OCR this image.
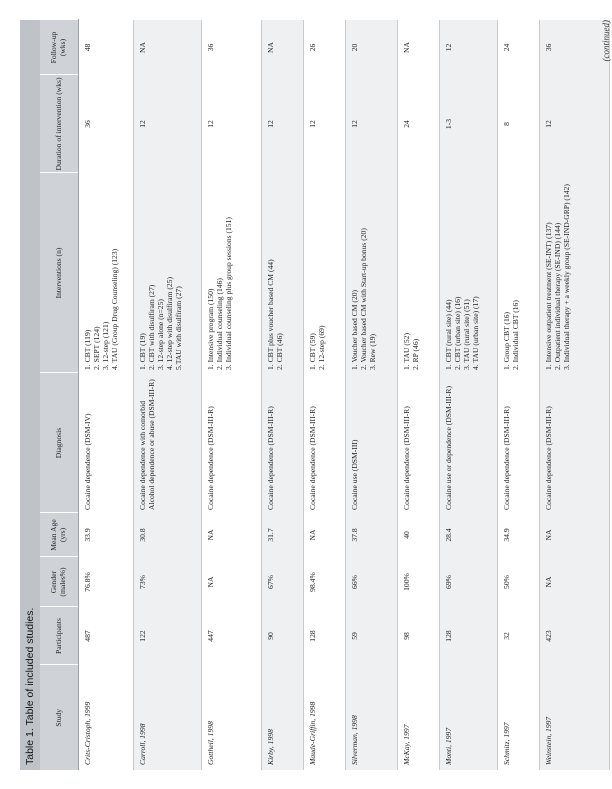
Table 1. Table of included studies.	Study	Participants	Gender (males%)	Mean Age (yrs)	Diagnosis	Interventions (n)	Duration of intervention (wks)	Follow-up (wks)
Crits-Cristoph, 1999	487	76.8%	33.9	Cocaine dependence (DSM-IV)	1. CBT (119) 2. SEPT (124) 3. 12-step (121) 4. TAU (Group Drug Counseling) (123)	36	48
Carroll, 1998	122	73%	30.8	Cocaine dependence with comorbid Alcohol dependence or abuse (DSM-III-R)	1. CBT (19) 2. CBT with disulfiram (27) 3. 12-step alone (n=25) 4. 12-step with disulfiram (25) 5.TAU with disulfiram (27)	12	NA
Gottheil, 1998	447	NA	NA	Cocaine dependence (DSM-III-R)	1. Intensive program (150) 2. Individual counseling (146) 3. Individual counseling plus group sessions (151)	12	36
Kirby, 1998	90	67%	31.7	Cocaine dependence (DSM-III-R)	1. CBT plus voucher based CM (44) 2. CBT (46)	12	NA
Maude-Griffin, 1998	128	98.4%	NA	Cocaine dependence (DSM-III-R)	1. CBT (59) 2. 12-step (69)	12	26
Silverman, 1998	59	66%	37.8	Cocaine use (DSM-III)	1. Voucher based CM (20) 2. Voucher based CM with Start-up bonus (20) 3. Rew (19)	12	20
McKay, 1997	98	100%	40	Cocaine dependence (DSM-III-R)	1. TAU (52) 2. RP (46)	24	NA
Monti, 1997	128	69%	28.4	Cocaine use or dependence (DSM-III-R)	1. CBT (rural site) (44) 2. CBT (urban site) (16) 3. TAU (rural site) (51) 4. TAU (urban site) (17)	1-3	12
Schmitz, 1997	32	50%	34.9	Cocaine dependence (DSM-III-R)	1. Group CBT (16) 2. Individual CBT (16)	8	24
Weinstein, 1997	423	NA	NA	Cocaine dependence (DSM-III-R)	1. Intensive outpatient treatment (SE-INT) (137) 2. Outpatient individual therapy (SE-IND) (144) 3. Individual therapy + a weekly group (SE-IND-GRP) (142)	12	36	(continued)
